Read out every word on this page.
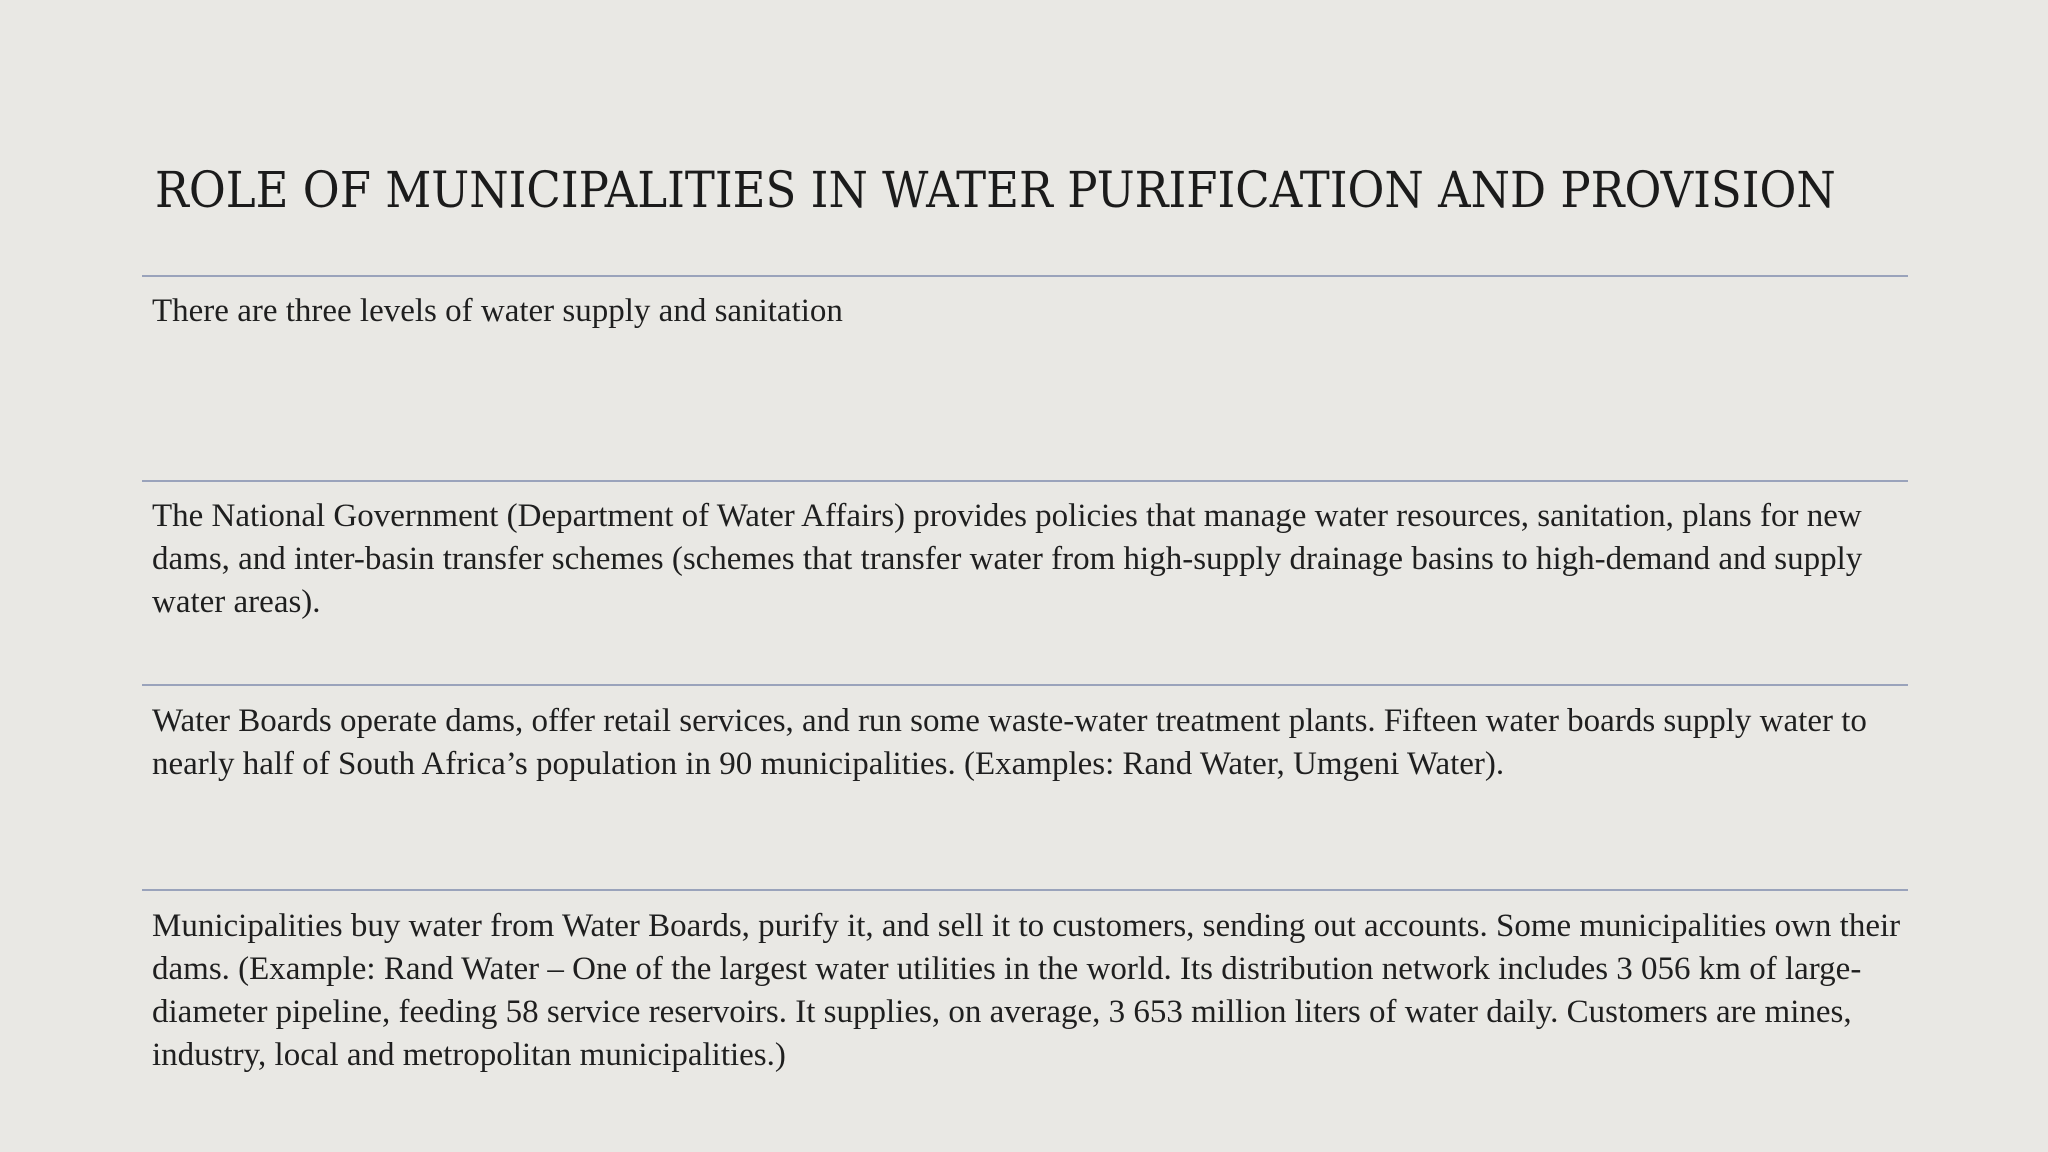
ROLE OF MUNICIPALITIES IN WATER PURIFICATION AND PROVISION
There are three levels of water supply and sanitation
The National Government (Department of Water Affairs) provides policies that manage water resources, sanitation, plans for new dams, and inter-basin transfer schemes (schemes that transfer water from high-supply drainage basins to high-demand and supply water areas).
Water Boards operate dams, offer retail services, and run some waste-water treatment plants. Fifteen water boards supply water to nearly half of South Africa’s population in 90 municipalities. (Examples: Rand Water, Umgeni Water).
Municipalities buy water from Water Boards, purify it, and sell it to customers, sending out accounts. Some municipalities own their dams. (Example: Rand Water – One of the largest water utilities in the world. Its distribution network includes 3 056 km of large-diameter pipeline, feeding 58 service reservoirs. It supplies, on average, 3 653 million liters of water daily. Customers are mines, industry, local and metropolitan municipalities.)
